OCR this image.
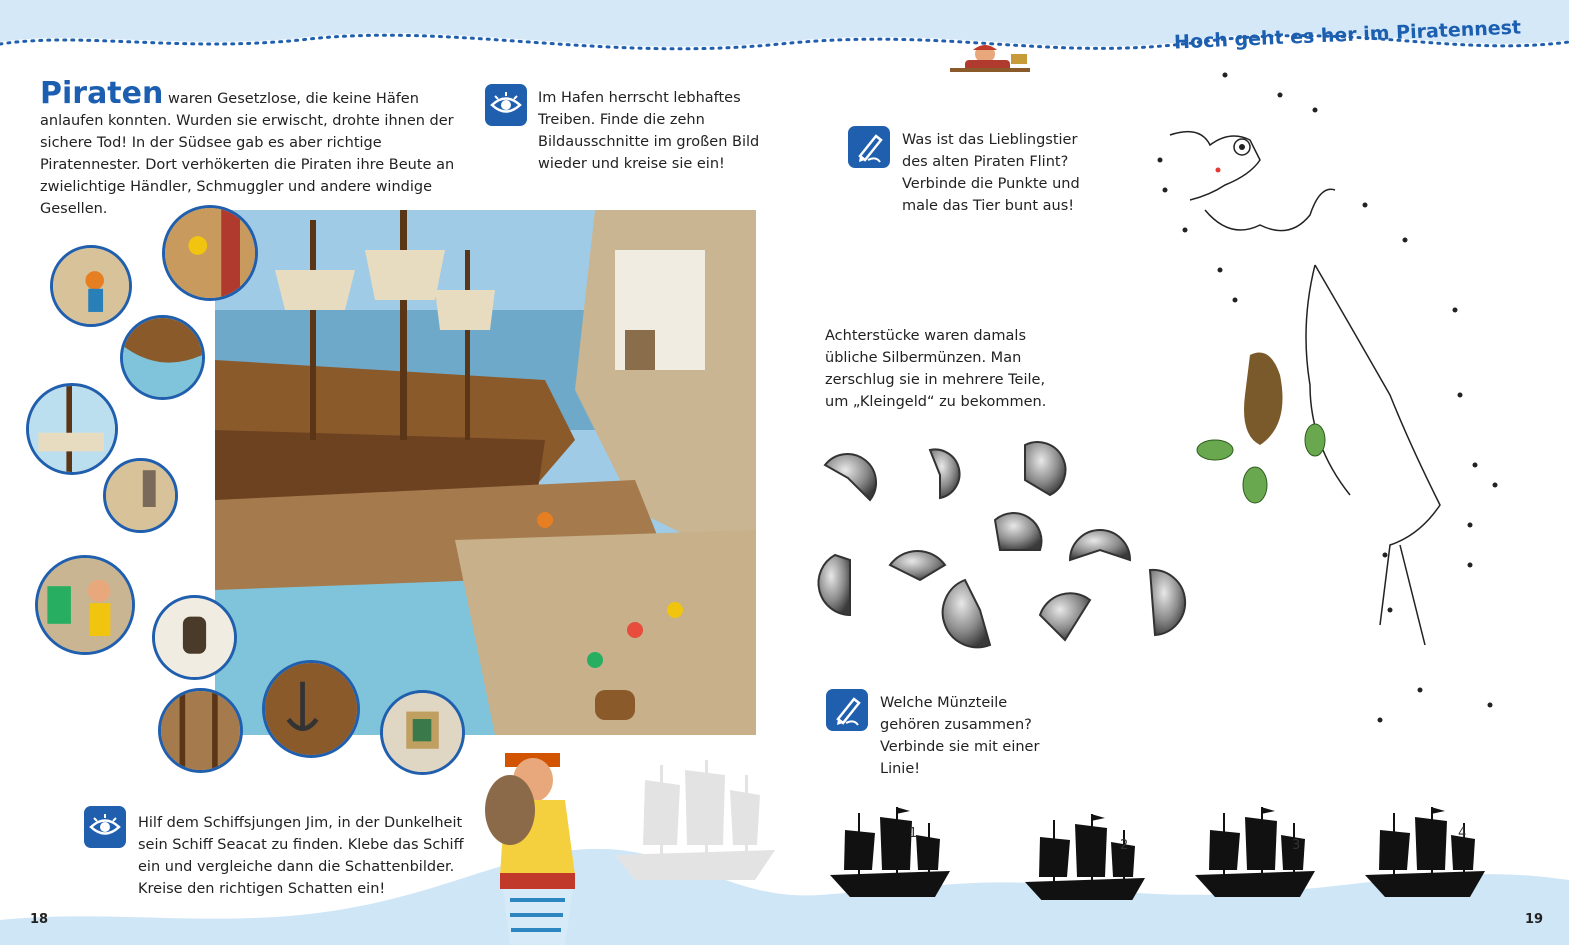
Hoch geht es her im Piratennest
Piraten waren Gesetzlose, die keine Häfen anlaufen konnten. Wurden sie erwischt, drohte ihnen der sichere Tod! In der Südsee gab es aber richtige Piratennester. Dort verhökerten die Piraten ihre Beute an zwielichtige Händler, Schmuggler und andere windige Gesellen.
Im Hafen herrscht lebhaftes Treiben. Finde die zehn Bildausschnitte im großen Bild wieder und kreise sie ein!
Was ist das Lieblingstier des alten Piraten Flint? Verbinde die Punkte und male das Tier bunt aus!
Achterstücke waren damals übliche Silbermünzen. Man zerschlug sie in mehrere Teile, um „Kleingeld“ zu bekommen.
Welche Münzteile gehören zusammen? Verbinde sie mit einer Linie!
Hilf dem Schiffsjungen Jim, in der Dunkelheit sein Schiff Seacat zu finden. Klebe das Schiff ein und vergleiche dann die Schattenbilder. Kreise den richtigen Schatten ein!
1
2	3
4
18	19
